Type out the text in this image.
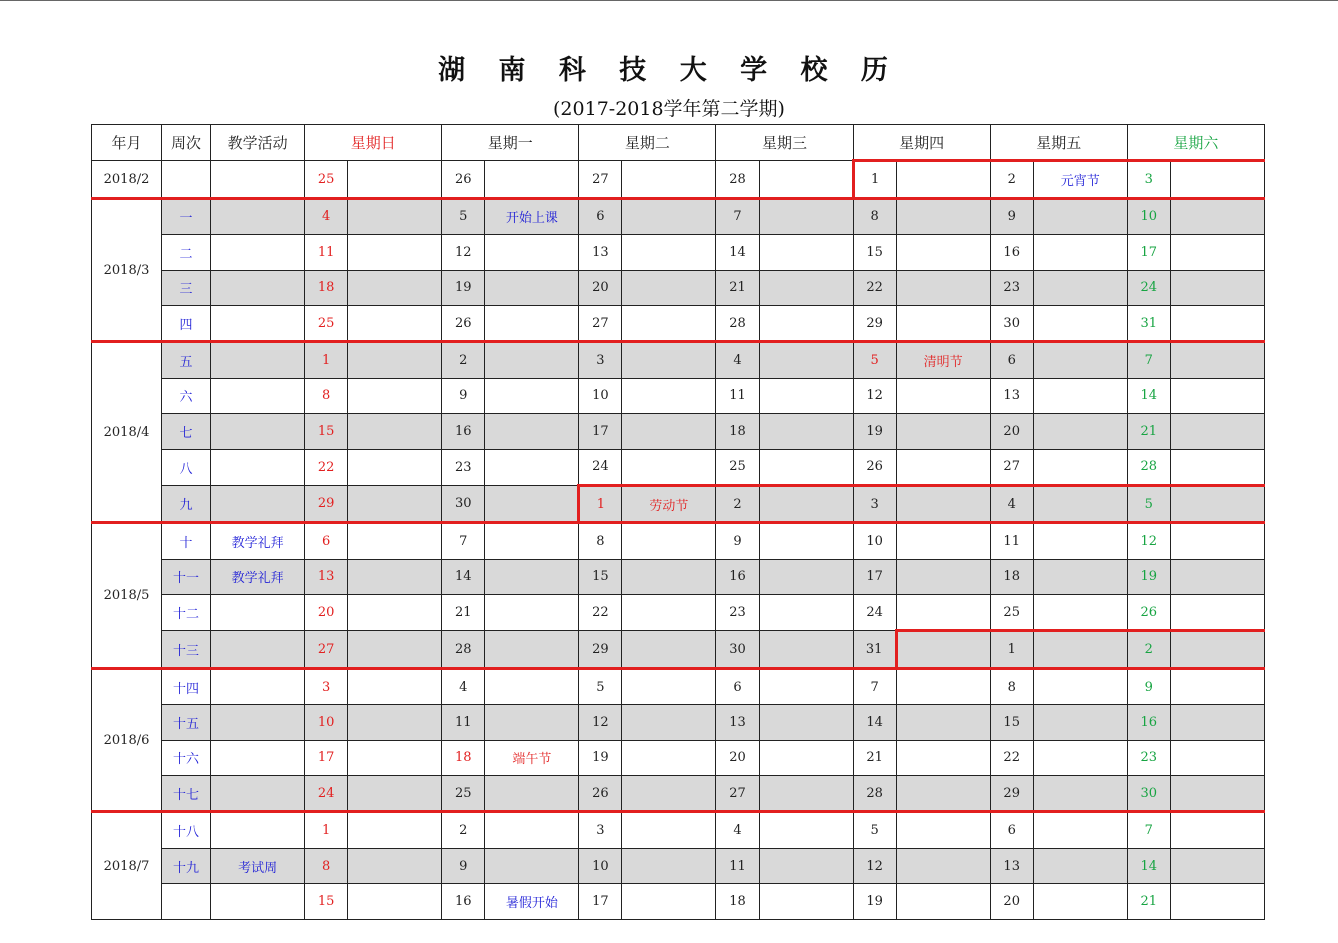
湖 南 科 技 大 学 校 历
(2017-2018学年第二学期)
年月	周次	教学活动	星期日		星期一		星期二		星期三		星期四		星期五		星期六	
2018/2			25		26		27		28		1		2	元宵节	3	
2018/3	一		4		5	开始上课	6		7		8		9		10	
	二		11		12		13		14		15		16		17	
	三		18		19		20		21		22		23		24	
	四		25		26		27		28		29		30		31	
2018/4	五		1		2		3		4		5	清明节	6		7	
	六		8		9		10		11		12		13		14	
	七		15		16		17		18		19		20		21	
	八		22		23		24		25		26		27		28	
	九		29		30		1	劳动节	2		3		4		5	
2018/5	十	教学礼拜	6		7		8		9		10		11		12	
	十一	教学礼拜	13		14		15		16		17		18		19	
	十二		20		21		22		23		24		25		26	
	十三		27		28		29		30		31		1		2	
2018/6	十四		3		4		5		6		7		8		9	
	十五		10		11		12		13		14		15		16	
	十六		17		18	端午节	19		20		21		22		23	
	十七		24		25		26		27		28		29		30	
2018/7	十八		1		2		3		4		5		6		7	
	十九	考试周	8		9		10		11		12		13		14	
			15		16	暑假开始	17		18		19		20		21	
